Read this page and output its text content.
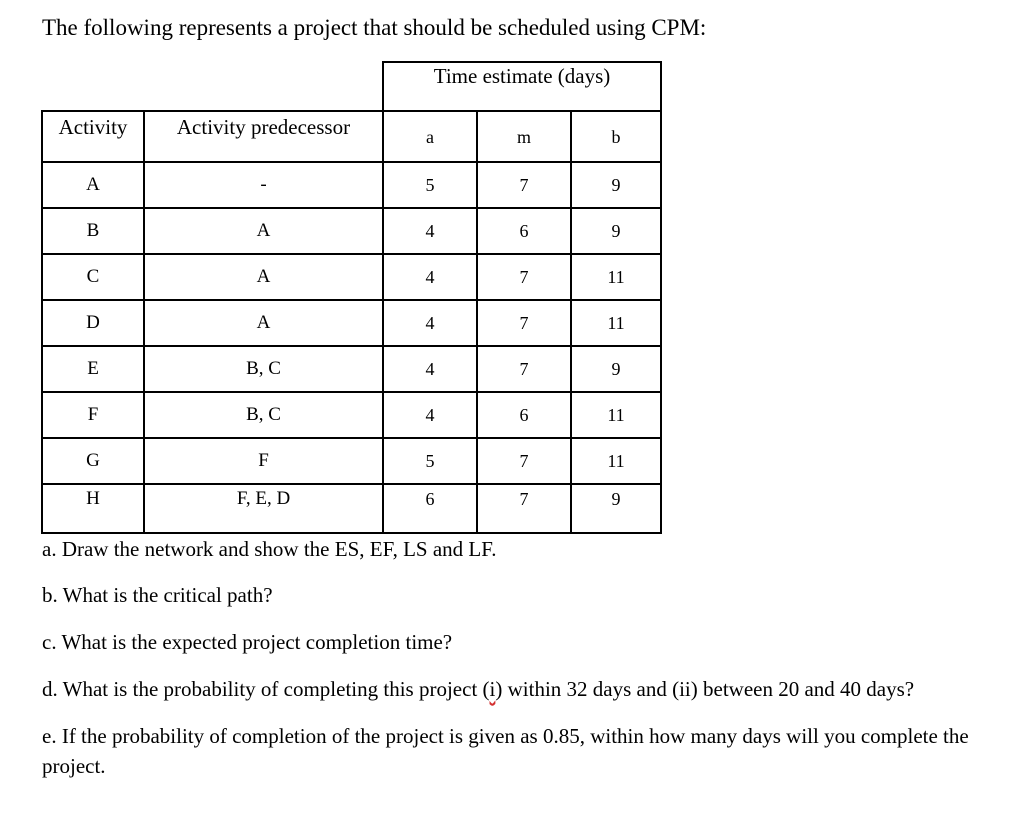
The following represents a project that should be scheduled using CPM:
		Time estimate (days)		
Activity	Activity predecessor	a	m	b
A	-	5	7	9
B	A	4	6	9
C	A	4	7	11
D	A	4	7	11
E	B, C	4	7	9
F	B, C	4	6	11
G	F	5	7	11
H	F, E, D	6	7	9

a. Draw the network and show the ES, EF, LS and LF.

b. What is the critical path?

c. What is the expected project completion time?

d. What is the probability of completing this project (i) within 32 days and (ii) between 20 and 40 days?

e. If the probability of completion of the project is given as 0.85, within how many days will you complete the project.
